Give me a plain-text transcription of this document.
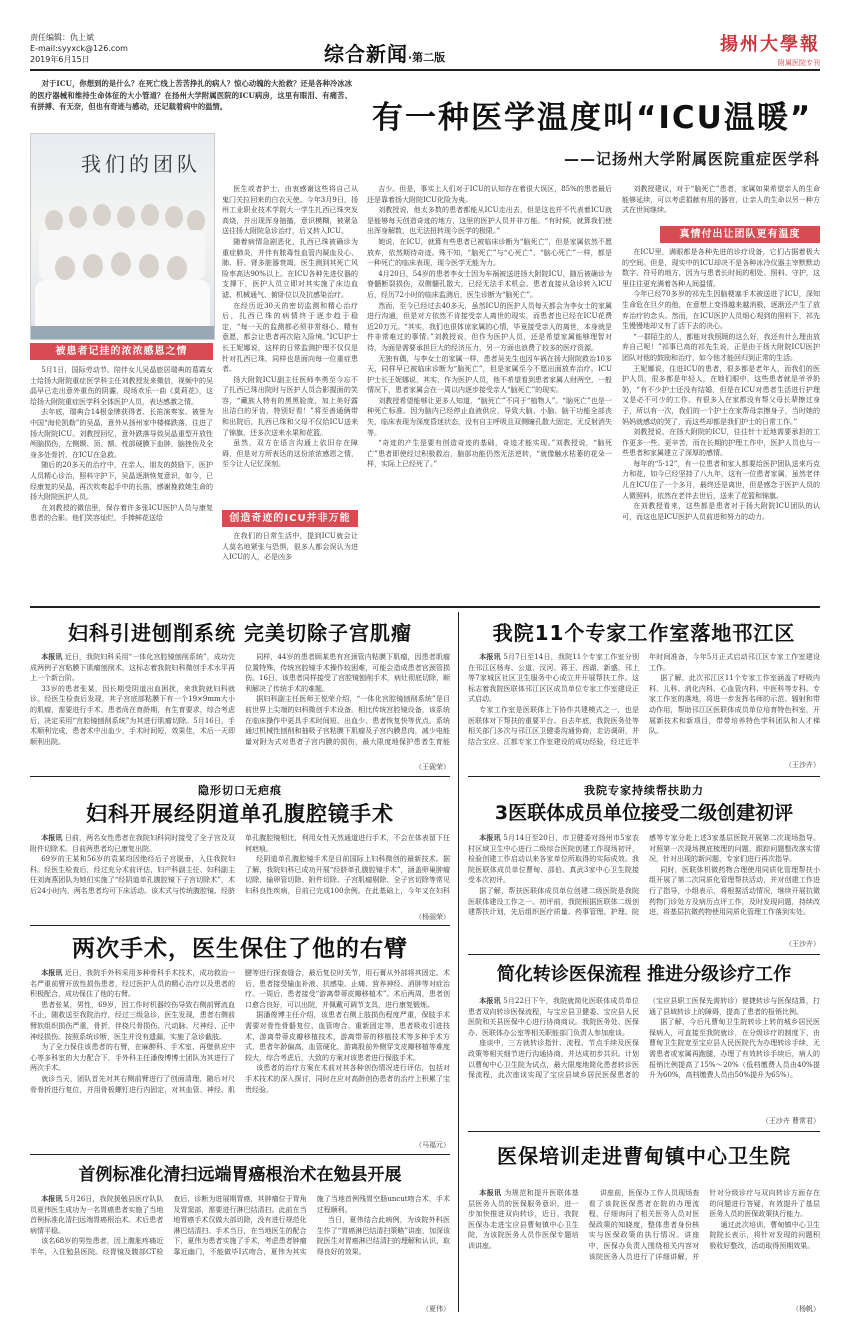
责任编辑：仇上斌
E-mail:syyxck@126.com
2019年6月15日	综合新闻·第二版
揚州大學報
附属医院专刊

对于ICU，你想到的是什么？在死亡线上苦苦挣扎的病人？惊心动魄的大抢救？还是各种冷冰冰的医疗器械和维持生命体征的大小管道？在扬州大学附属医院的ICU病房，这里有眼泪、有痛苦、有拼搏、有无奈，但也有奇迹与感动，还记载着病中的温情。	有一种医学温度叫“ICU温暖”
——记扬州大学附属医院重症医学科
我们的团队
被患者记挂的浓浓感恩之情

5月1日，国际劳动节。陪伴女儿吴晶旅居瑞典的葛霞女士给扬大附院重症医学科主任刘教授发来微信，视频中的吴晶早已走出意外重伤的阴霾，现场欢乐一曲《莫莉花》，这给扬大附院重症医学科全体医护人员，表达感激之情。

去年底，瑞典合14根金牌获得者、长笛演奏家、被誉为中国“海伦凯勒”的吴晶，意外从扬州家中楼梯跌落，住进了扬大附院ICU。刘教授回忆，意外跌落导致吴晶重型开放性颅脑损伤，左侧颞、顶、额、枕部硬膜下血肿，脑挫伤及全身多处骨折，在ICU在急救。

随后的20多天的治疗中，在亲人、朋友的鼓励下，医护人员精心诊治，照料守护下，吴晶逐渐恢复意识，如今，已经康复的吴晶，再次吹奏起手中的长笛，感谢挽救她生命的扬大附院医护人员。

在刘教授的微信里，保存着许多张ICU医护人员与康复患者的合影。他们笑容灿烂，手捧鲜花送给

医生或者护士，由衷感谢这些将自己从鬼门关拉回来的白衣天使。今年3月9日，扬州工业职业技术学院大一学生扎西已珠突发高烧，并出现浑身抽搐，意识模糊，被紧急送往扬大附院急诊治疗，后又转入ICU。

随着病情急剧恶化，扎西已珠被确诊为重症肺炎，并伴有脓毒性血管内凝血及心、肺、肝、肾多脏器衰竭，医生测到其死亡风险率高达90%以上。在ICU各种先进仪器的支撑下，医护人员立即对其实施了床边血滤、机械通气、俯卧位以及抗感染治疗。

在经历近30天的密切监测和精心治疗后，扎西已珠的病情终于逐步趋于稳定，“每一天的监测都必须非常细心、精有意愿，都会让患者再次陷入险境。”ICU护士长王妮娜说，这样的日常监测护理不仅仅是针对扎西已珠，同样也是面向每一位重症患者。

扬大附院ICU副主任医师李勇至今忘不了扎西已珠出院时与医护人员合影握面的笑容，“藏族人特有的黑黑脸庞，加上美好露出洁白的牙齿，特别好看！”将至善通俩带和出院后，扎西已珠和父母不仅给ICU送来了锦旗，还多次送来水果和花篮。

虽然，双方在语言沟通上依旧存在障碍，但是对方所表达的这份浓浓感恩之情，至今让人记忆深刻。

创造奇迹的ICU并非万能

在我们的日常生活中，提到ICU就会让人莫名地紧张与恐惧，很多人都会误认为进入ICU的人，必是凶多

吉少。但是，事实上人们对于ICU的认知存在着很大误区，85%的患者最后还是靠着扬大附院ICU化险为夷。

刘教授说，他太多数的患者都能从ICU走出去，但是这也并不代表着ICU就是能够每天创造奇迹的地方，这里的医护人员并非万能。“有时候，就算我们使出浑身解数，也无法扭转现今医学的极限。”

她说，在ICU，就算有些患者已被临床诊断为“脑死亡”，但是家属依然不愿放弃，依然期待奇迹。殊不知，“脑死亡”与“心死亡”、“脑心死亡”一样，都是一种死亡的临床表现，现今医学无能为力。

4月20日，54岁的患者李女士因为车祸被送进扬大附院ICU，随后被确诊为脊髓断裂损伤，双侧髓孔散大，已经无法手术机会。患者直接从急诊转入ICU后，经历72小时的临床监测后，医生诊断为“脑死亡”。

然而，至今已经过去40多天，虽然ICU的医护人员每天都会为李女士的家属进行沟通，但是对方依然不肯接受亲人离世的现实，而患者也已经在ICU花费近20万元。“其实，我们也很体谅家属的心情，毕竟接受亲人的离世，本身就是件非常难过的事情。”刘教授说，但作为医护人员，还是希望家属能够理智对待，为面是需要承担巨大的经济压力，另一方面也浪费了较多的医疗资源。

无独有偶，与李女士的家属一样，患者吴先生也因车祸在扬大附院救治10多天，同样早已被临床诊断为“脑死亡”，但是家属至今不愿出面放弃治疗。ICU护士长王妮娜说，其实，作为医护人员，他不希望看到患者家属人财两空，一般情况下，患者家属会在一周以内逐步接受亲人“脑死亡”的现实。

刘教授希望能够让更多人知道，“脑死亡”不同于“植物人”。“脑死亡”也是一种死亡标准。因为脑内已经停止血液供应，导致大脑、小脑、脑干功能全部丧失，临床表现为深度昏迷状态，没有自主呼吸且双侧瞳孔散大固定，无反射消失等。

“奇迹的产生是要有创造奇迹的基础，奇迹才能实现。”刘教授说，“脑死亡”患者即使经过积极救治，脑部功能仍然无法逆转，“就像触水枯萎的花朵一样，实际上已经死了。”

刘教授建议，对于“脑死亡”患者，家属如果希望亲人的生命能够延续，可以考虑捐献有用的器官，让亲人的生命以另一种方式在世间继续。

真情付出让团队更有温度

在ICU里，满眼都是各种先进的诊疗设备，它们占据着极大的空间。但是，现实中的ICU却决不是各种冰冷仪器主宰默默动数字、符号的地方，因为与患者长时间的相处、照料、守护，这里往往更充满着各种人间温情。

今年已经70多岁的祁先生因脑梗塞手术被送进了ICU，深知生命危在旦夕的他，在意想上变得越来越消极，逐渐还产生了放弃治疗的念头。然而，在ICU医护人员细心观到的照料下，祁先生慢慢地却又有了活下去的决心。

“一群陌生的人，都能对我照顾的这么好，我还有什么理由放弃自己呢！”祁事已高的祁先生说，正是由于扬大附院ICU医护团队对他的鼓励和治疗，如今他才能回归到正常的生活。

王妮娜说，住进ICU的患者，很多都是老年人，而我们的医护人员，很多都是年轻人，在她们眼中，这些患者就是爷爷奶奶，“有不少护士还没有结婚，但是在ICU对患者生活进行护理又是必不可少的工作。有很多人在家都没有帮父母长辈擦过身子，所以有一次，我们的一个护士在家帮母亲擦身子，当时她的妈妈就感动的哭了，而这些却都是我们护士的日常工作。”

刘教授说，在扬大附院的ICU，往往针十近地需要承担的工作更多一些、更辛苦，而在长期的护理工作中，医护人员也与一些患者和家属建立了深厚的感情。

每年的“5·12”，有一位患者和家人都要给医护团队送来巧克力和花，如今已经坚持了八九年，这有一位患者家属，虽然老伴儿在ICU住了一个多月，最终还是离世，但是感念于医护人员的人微照料，依然在老伴去世后，送来了花篮和锦旗。

在刘教授看来，这些都是患者对于扬大附院ICU团队的认可，而这也是ICU医护人员前进和努力的动力。

妇科引进刨削系统 完美切除子宫肌瘤

本报讯 近日，我院妇科采用“一体化宫腔镜刨削系统”，成功完成两例子宫粘膜下肌瘤刨削术，这标志着我院妇科微创手术水平再上一个新台阶。

33岁的患者张某，因长期受阴道出血困扰，来我院就妇科就诊。经医生检查后发现，其子宫底部粘膜下有一个19×9mm大小的肌瘤，需要进行手术。患者尚在育龄期，有生育要求，综合考虑后，决定采用“宫腔镜刨削系统”为其进行肌瘤切除。5月16日，手术顺利完成，患者术中出血少，手术时间短，效果佳，术后一天即顺利出院。

同样，44岁的患者顾某患有宫颈管内粘膜下肌瘤，因患者肌瘤位置特殊，传统宫腔镜手术操作较困难，可能会造成患者宫颈管损伤。16日，该患者同样接受了宫腔镜刨削手术，病灶彻底切除，顺利解决了传统手术的难题。

据妇科副主任医师王悦荣介绍，“一体化宫腔镜刨削系统”是目前世界上尖端的妇科微创手术设备。相比传统宫腔镜设备，该系统在临床操作中更具手术时间短、出血少、患者恢复快等优点。系统通过机械性刨削和抽吸子宫粘膜下肌瘤及子宫内膜息肉，减少电能量对附为式对患者子宫内膜的损伤，最大限度地保护患者生育能

（王砚荣）
隐形切口无疤痕
妇科开展经阴道单孔腹腔镜手术

本报讯 日前，两名女性患者在我院妇科同时接受了全子宫及双附件切除术。目前两患者均已康复出院。

69岁的王某和56岁的袁某均因绝经后子宫脱垂，入住我院妇科。经医生检查后，经过充分术前评估，妇产科副主任、妇科副主任刘海燕团队为她们实施了“经阴道单孔腹腔镜下子宫切除术”，术后24小时内，两名患者均可下床活动。该术式与传统腹腔镜、经脐单孔腹腔镜相比，利用女性天然通道进行手术，不会在体表留下任何疤痕。

经阴道单孔腹腔镜手术是目前国际上妇科微创的最新技术。据了解，我院妇科已成功开展“经脐单孔腹腔镜手术”，涵盖卵巢肿瘤切除、输卵管切除、附件切除、子宫肌瘤剔除、全子宫切除等常见妇科良性疾病，目前已完成100余例。在此基础上，今年又在妇科

（杨丽荣）
两次手术，医生保住了他的右臂

本报讯 近日，我院手外科采用多种骨科手术技术，成功救治一名严重前臂开放性损伤患者，经过医护人员的精心治疗以及患者的积极配合，成功保住了他的右臂。

患者张某，男性，69岁，因工作时机器绞伤导致右侧前臂流血不止，随救送至我院治疗，经过三级急诊，医生发现，患者右侧前臂软组织损伤严重，骨折，伴桡尺骨损伤、尺动脉、尺神经、正中神经损伤。按照系统诊断，医生并没有遗漏，实施了急诊截肢。

为了全力保住该患者的右臂，在麻醉科、手术室、再壁供应中心等多科室的大力配合下，手外科主任潘俊博博士团队为其进行了两次手术。

就诊当天，团队首先对其右侧前臂进行了创面清理、随后对尺骨骨折进行复位，并用骨板螺钉进行内固定，对其血管、神经、肌腱等进行探查缝合，最后复位时关节，用石膏从外部将其固定。术后，患者接受输血补液、抗感染、止痛、营养神经、消肿等对症治疗。一周后，患者接受“游离带蒂皮瓣移植术”。术后两周，患者创口愈合良好，可以出院，并佩戴可调节支具，进行康复锻炼。

据潘俊博主任介绍，该患者右侧上肢损伤程度严重，保肢手术需要对骨性骨骼复位、血管吻合、重新固定等，患者吸收引进技术，游离带蒂皮瓣移植技术，游离带蒂的移植技术等多种手术方式，患者年龄偏高，血管硬化，游离股前外侧穿支皮瓣移植等难度较大，综合考虑后，大致的方案对该患者进行保肢手术。

该患者的治疗方案在术前对其各种创伤情况进行评估，包括对手术技术的深入探讨，同时在应对高龄创伤患者的治疗上积累了宝贵经验。

（马福元）
首例标准化清扫远端胃癌根治术在勉县开展

本报讯 5月26日，我院援勉县医疗队队员夏伟医生成功为一名胃癌患者实施了当地首例标准化清扫远端胃癌根治术。术后患者病情平稳。

该名68岁的男性患者，因上腹胀疼痛近半年，入住勉县医院。经胃镜及腹部CT检查后，诊断为进展期胃癌，其肿瘤位于胃角及胃窦部，需要进行淋巴结清扫。此前在当地胃癌手术仅做大部切除，没有进行规范化淋巴结清扫。手术当日，在当地医生的配合下，夏伟为患者实施了手术，考虑患者肿瘤靠近幽门，不能做毕Ⅰ式吻合，夏伟为其实施了当地首例残胃空肠uncut吻合术，手术过程顺利。

当日，夏伟结合此病例，为该院外科医生作了“胃癌淋巴结清扫策略”讲座，加深该院医生对胃癌淋巴结清扫的理解和认识，取得良好的效果。

（夏伟）
我院11个专家工作室落地邗江区

本报讯 5月7日至14日，我院11个专家工作室分别在邗江区杨寿、公道、汊河、蒋王、西湖、新盛、邗上等7家城区社区卫生服务中心成立并开展帮扶工作。这标志着我院医联体邗江区区成员单位专家工作室建设正式启动。

专家工作室是医联体上下协作共建模式之一，也是医联体对下帮扶的重要平台。自去年底，我院医务处等相关部门多次与邗江区卫健委沟通协商，走访调研，并结合宝应、江都专家工作室建设的成功经验，经过近半年时间准备，今年5月正式启动邗江区专家工作室建设工作。

据了解，此次邗江区11个专家工作室涵盖了呼吸内科、儿科、消化内科、心血管内科、中医科等专科。专家工作室的落地，将进一步发挥名师的示范、辐射和带动作用，帮助邗江区医联体成员单位培育特色科室，开展新技术和新项目，带带培养特色学科团队和人才梯队。

（王沙卉）
我院专家持续帮扶助力
3医联体成员单位接受二级创建初评

本报讯 5月14日至20日，市卫健委对扬州市5家农村区域卫生中心进行二级综合医院创建工作现场初评，检验创建工作启动以来各家单位所取得的实际成效。我院医联体成员单位曹甸、邵伯、真武3家中心卫生院接受本次初评。

据了解，帮扶医联体成员单位创建二级医院是我院医联体建设工作之一。初评前，我院根据医联体二级创建帮扶计划，先后组织医疗质量、药事管理、护理、院感等专家分赴上述3家基层医院开展第二次现场指导。对照第一次现场摸底梳理的问题，跟踪问题整改落实情况，针对出现的新问题，专家们进行再次指导。

同时，医联体机微药物合理使用同质化管理帮扶小组开展了第二次同质化管理帮扶活动，并对创建工作进行了指导，小组表示，将根据活动情况，继续开展抗微药物门诊处方及病历点评工作，及时发现问题，持续改进，将基层抗微药物使用同质化管理工作落到实处。

（王沙卉）
简化转诊医保流程 推进分级诊疗工作

本报讯 5月22日下午，我院就简化医联体成员单位患者双向转诊医保流程，与宝应县卫健委、宝应县人民医院和关县医保中心进行协商商议。我院医务处、医保办、医联体办公室等相关职能部门负责人参加座谈。

座谈中，三方就转诊指针、流程、节点手续及医保政策等相关细节进行沟通协商，并达成初步共识。计划以曹甸中心卫生院为试点，最大限度地简化患者转诊医保流程，此次座谈实现了宝应县域乡居民医保患者的（宝应县职工医保先需转诊）便捷转诊与医保结算，打通了县域转诊上的障碍，提高了患者的报销比例。

据了解，今后凡曹甸卫生院转诊上转的城乡居民医保病人，可直接至我院就诊，在分级诊疗的制度下，由曹甸卫生院宽至宝应县人民医院代为办理转诊手续，无需患者或家属再跑腿，办理了有效转诊手续后，病人的报销比例提高了15%～20%（低档缴费人员由40%提升为60%，高档缴费人员由50%提升为65%）。

（王沙卉 曹常君）
医保培训走进曹甸镇中心卫生院

本报讯 为规范和提升医联体基层医务人员的医保服务意识，进一步加快推进双向转诊，近日，我院医保办走进宝应县曹甸镇中心卫生院，为该院医务人员作医保专题培训讲座。

讲座前，医保办工作人员现场查看了该院医保患者在院的办理流程，仔细询问了相关医务人员对医保政策的知晓度，整体患者身份核实与医保政策的执行情况。讲座中，医保办负责人围绕相关内容对该院医务人员进行了详细讲解，并针对分级诊疗与双向转诊方面存在的问题进行答疑，有效提升了基层医务人员的医保政策执行能力。

通过此次培训，曹甸镇中心卫生院院长表示，将针对发现的问题积极收好整改，活动取得预期效果。

（杨帆）
